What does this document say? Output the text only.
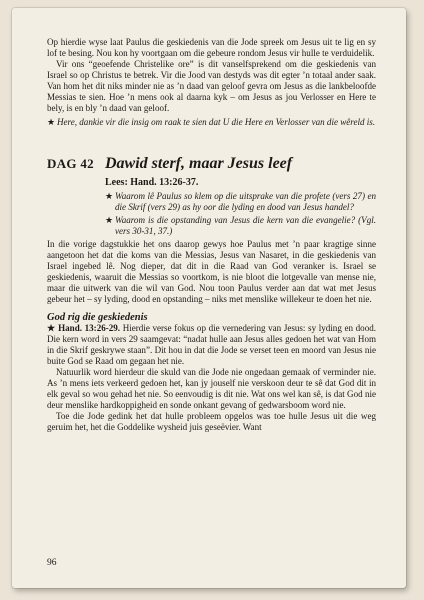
Op hierdie wyse laat Paulus die geskiedenis van die Jode spreek om Jesus uit te lig en sy lof te besing. Nou kon hy voortgaan om die gebeure rondom Jesus vir hulle te verduidelik.

Vir ons “geoefende Christelike ore” is dit vanselfsprekend om die geskiedenis van Israel so op Christus te betrek. Vir die Jood van destyds was dit egter ’n totaal ander saak. Van hom het dit niks minder nie as ’n daad van geloof gevra om Jesus as die lankbeloofde Messias te sien. Hoe ’n mens ook al daarna kyk – om Jesus as jou Verlosser en Here te bely, is en bly ’n daad van geloof.

★ Here, dankie vir die insig om raak te sien dat U die Here en Verlosser van die wêreld is.
DAG 42 Dawid sterf, maar Jesus leef

Lees: Hand. 13:26-37.

★ Waarom lê Paulus so klem op die uitsprake van die profete (vers 27) en die Skrif (vers 29) as hy oor die lyding en dood van Jesus handel?
★ Waarom is die opstanding van Jesus die kern van die evangelie? (Vgl. vers 30-31, 37.)

In die vorige dagstukkie het ons daarop gewys hoe Paulus met ’n paar kragtige sinne aangetoon het dat die koms van die Messias, Jesus van Nasaret, in die geskiedenis van Israel ingebed lê. Nog dieper, dat dit in die Raad van God veranker is. Israel se geskiedenis, waaruit die Messias so voortkom, is nie bloot die lotgevalle van mense nie, maar die uitwerk van die wil van God. Nou toon Paulus verder aan dat wat met Jesus gebeur het – sy lyding, dood en opstanding – niks met menslike willekeur te doen het nie.

God rig die geskiedenis

★ Hand. 13:26-29. Hierdie verse fokus op die vernedering van Jesus: sy lyding en dood. Die kern word in vers 29 saamgevat: “nadat hulle aan Jesus alles gedoen het wat van Hom in die Skrif geskrywe staan”. Dit hou in dat die Jode se verset teen en moord van Jesus nie buite God se Raad om gegaan het nie.

Natuurlik word hierdeur die skuld van die Jode nie ongedaan gemaak of verminder nie. As ’n mens iets verkeerd gedoen het, kan jy jouself nie verskoon deur te sê dat God dit in elk geval so wou gehad het nie. So eenvoudig is dit nie. Wat ons wel kan sê, is dat God nie deur menslike hardkoppigheid en sonde onkant gevang of gedwarsboom word nie.

Toe die Jode gedink het dat hulle probleem opgelos was toe hulle Jesus uit die weg geruim het, het die Goddelike wysheid juis geseëvier. Want

96
